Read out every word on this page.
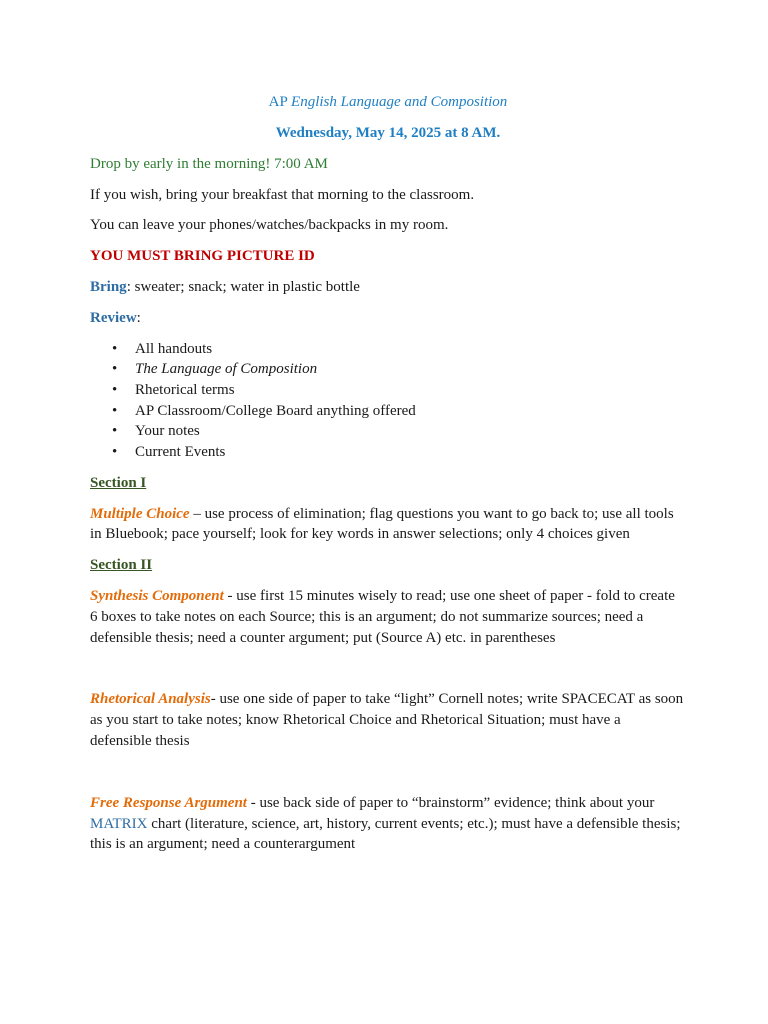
AP English Language and Composition

Wednesday, May 14, 2025 at 8 AM.

Drop by early in the morning! 7:00 AM

If you wish, bring your breakfast that morning to the classroom.

You can leave your phones/watches/backpacks in my room.

YOU MUST BRING PICTURE ID

Bring: sweater; snack; water in plastic bottle

Review:

• All handouts
• The Language of Composition
• Rhetorical terms
• AP Classroom/College Board anything offered
• Your notes
• Current Events

Section I

Multiple Choice – use process of elimination; flag questions you want to go back to; use all tools in Bluebook; pace yourself; look for key words in answer selections; only 4 choices given

Section II

Synthesis Component - use first 15 minutes wisely to read; use one sheet of paper - fold to create 6 boxes to take notes on each Source; this is an argument; do not summarize sources; need a defensible thesis; need a counter argument; put (Source A) etc. in parentheses

Rhetorical Analysis- use one side of paper to take “light” Cornell notes; write SPACECAT as soon as you start to take notes; know Rhetorical Choice and Rhetorical Situation; must have a defensible thesis

Free Response Argument - use back side of paper to “brainstorm” evidence; think about your MATRIX chart (literature, science, art, history, current events; etc.); must have a defensible thesis; this is an argument; need a counterargument
